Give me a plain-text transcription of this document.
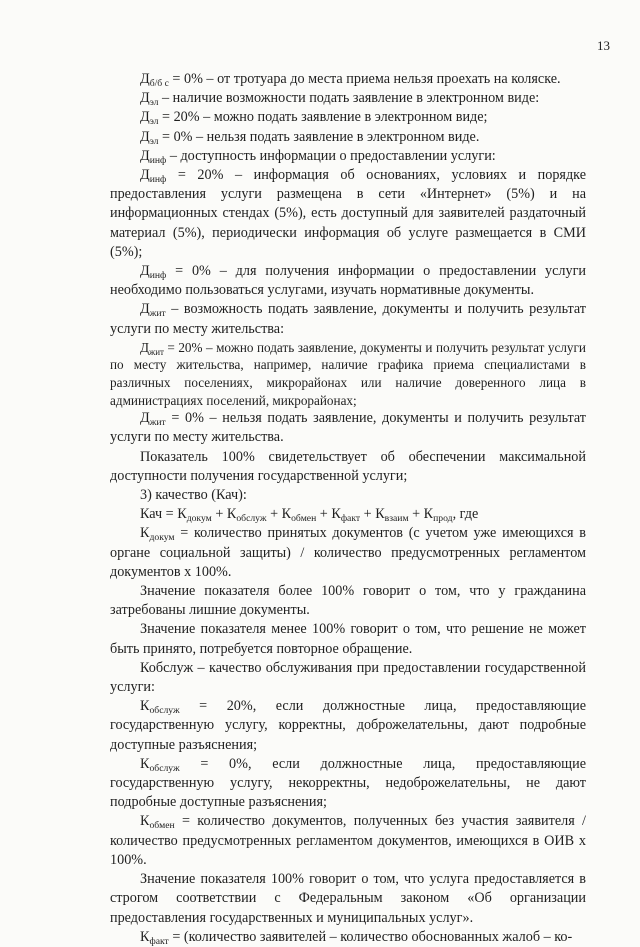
13

$Д_{б/б с} = 0\%$ – от тротуара до места приема нельзя проехать на коляске.

$Д_{эл}$ – наличие возможности подать заявление в электронном виде:

$Д_{эл} = 20\%$ – можно подать заявление в электронном виде;

$Д_{эл} = 0\%$ – нельзя подать заявление в электронном виде.

$Д_{инф}$ – доступность информации о предоставлении услуги:

$Д_{инф} = 20\%$ – информация об основаниях, условиях и порядке предоставления услуги размещена в сети «Интернет» (5%) и на информационных стендах (5%), есть доступный для заявителей раздаточный материал (5%), периодически информация об услуге размещается в СМИ (5%);

$Д_{инф} = 0\%$ – для получения информации о предоставлении услуги необходимо пользоваться услугами, изучать нормативные документы.

$Д_{жит}$ – возможность подать заявление, документы и получить результат услуги по месту жительства:

$Д_{жит} = 20\%$ – можно подать заявление, документы и получить результат услуги по месту жительства, например, наличие графика приема специалистами в различных поселениях, микрорайонах или наличие доверенного лица в администрациях поселений, микрорайонах;

$Д_{жит} = 0\%$ – нельзя подать заявление, документы и получить результат услуги по месту жительства.

Показатель 100% свидетельствует об обеспечении максимальной доступности получения государственной услуги;

3) качество (Кач):

Кач = $К_{докум} + К_{обслуж} + К_{обмен} + К_{факт} + К_{взаим} + К_{прод}$, где

$К_{докум}$ = количество принятых документов (с учетом уже имеющихся в органе социальной защиты) / количество предусмотренных регламентом документов х 100%.

Значение показателя более 100% говорит о том, что у гражданина затребованы лишние документы.

Значение показателя менее 100% говорит о том, что решение не может быть принято, потребуется повторное обращение.

Кобслуж – качество обслуживания при предоставлении государственной услуги:

$К_{обслуж} = 20\%$, если должностные лица, предоставляющие государственную услугу, корректны, доброжелательны, дают подробные доступные разъяснения;

$К_{обслуж} = 0\%$, если должностные лица, предоставляющие государственную услугу, некорректны, недоброжелательны, не дают подробные доступные разъяснения;

$К_{обмен}$ = количество документов, полученных без участия заявителя / количество предусмотренных регламентом документов, имеющихся в ОИВ х 100%.

Значение показателя 100% говорит о том, что услуга предоставляется в строгом соответствии с Федеральным законом «Об организации предоставления государственных и муниципальных услуг».

$К_{факт}$ = (количество заявителей – количество обоснованных жалоб – ко-
